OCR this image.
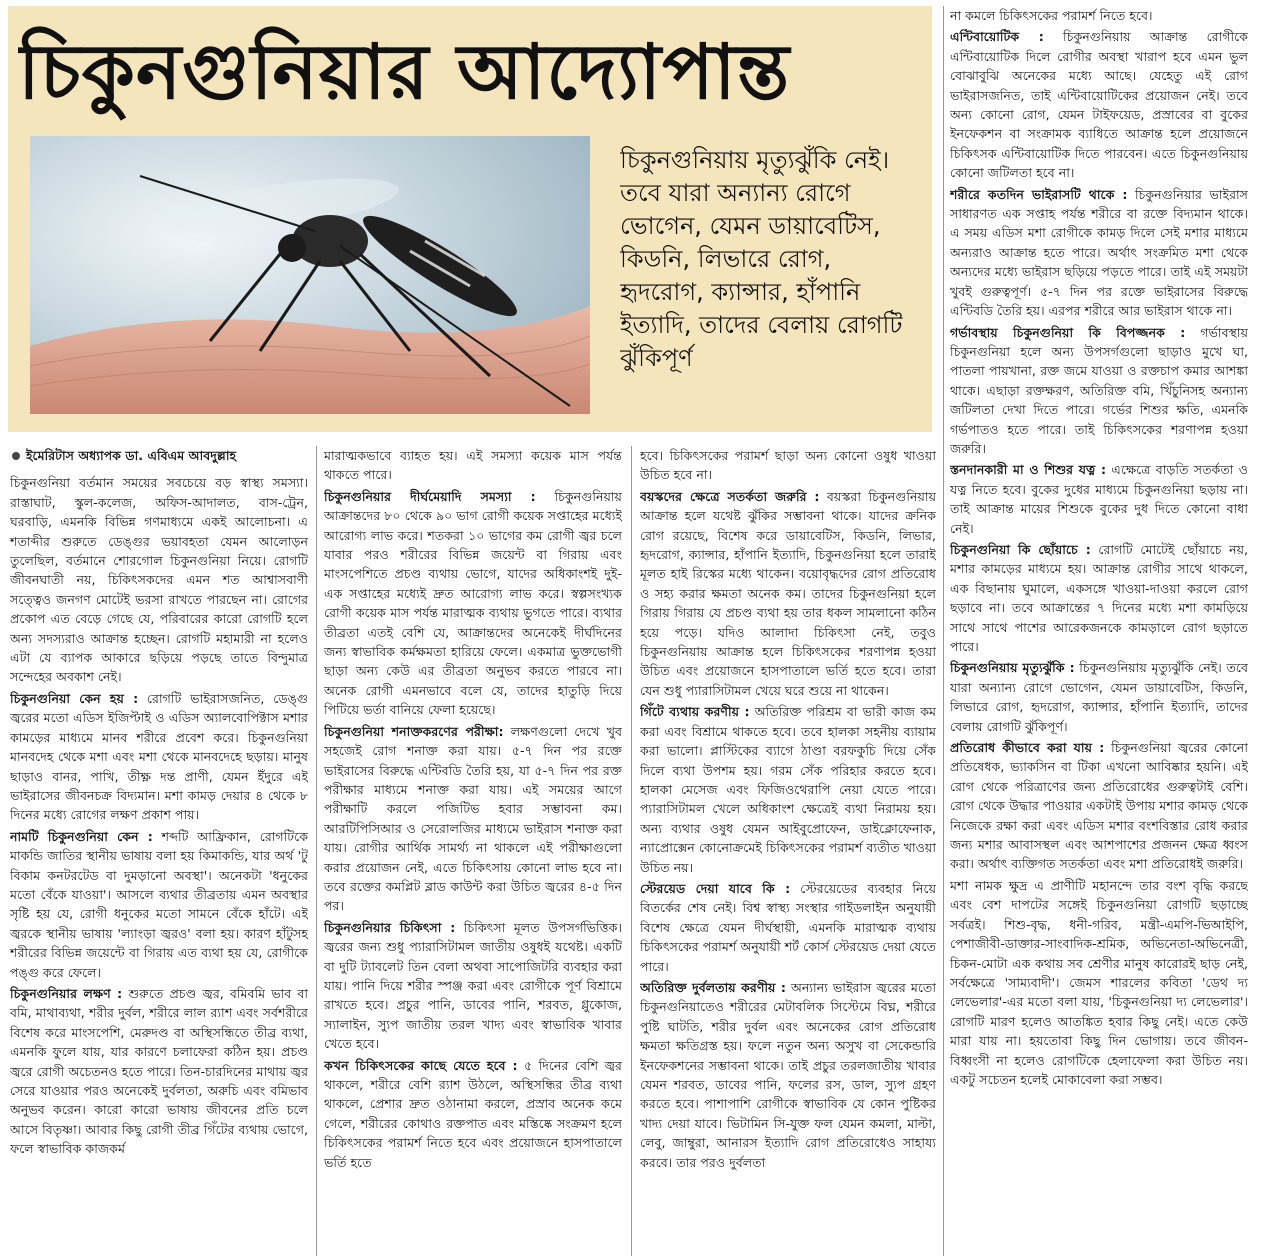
চিকুনগুনিয়ার আদ্যোপান্ত
চিকুনগুনিয়ায় মৃত্যুঝুঁকি নেই। তবে যারা অন্যান্য রোগে ভোগেন, যেমন ডায়াবেটিস, কিডনি, লিভারে রোগ, হৃদরোগ, ক্যান্সার, হাঁপানি ইত্যাদি, তাদের বেলায় রোগটি ঝুঁকিপূর্ণ

ইমেরিটাস অধ্যাপক ডা. এবিএম আবদুল্লাহ

চিকুনগুনিয়া বর্তমান সময়ের সবচেয়ে বড় স্বাস্থ্য সমস্যা। রাস্তাঘাট, স্কুল-কলেজ, অফিস-আদালত, বাস-ট্রেন, ঘরবাড়ি, এমনকি বিভিন্ন গণমাধ্যমে একই আলোচনা। এ শতাব্দীর শুরুতে ডেঙ্গুর ভয়াবহতা যেমন আলোড়ন তুলেছিল, বর্তমানে শোরগোল চিকুনগুনিয়া নিয়ে। রোগটি জীবনঘাতী নয়, চিকিৎসকদের এমন শত আশ্বাসবাণী সত্ত্বেও জনগণ মোটেই ভরসা রাখতে পারছেন না। রোগের প্রকোপ এত বেড়ে গেছে যে, পরিবারের কারো রোগটি হলে অন্য সদস্যরাও আক্রান্ত হচ্ছেন। রোগটি মহামারী না হলেও এটা যে ব্যাপক আকারে ছড়িয়ে পড়ছে তাতে বিন্দুমাত্র সন্দেহের অবকাশ নেই।

চিকুনগুনিয়া কেন হয় : রোগটি ভাইরাসজনিত, ডেঙ্গু জ্বরের মতো এডিস ইজিপ্টাই ও এডিস অ্যালবোপিক্টাস মশার কামড়ের মাধ্যমে মানব শরীরে প্রবেশ করে। চিকুনগুনিয়া মানবদেহ থেকে মশা এবং মশা থেকে মানবদেহে ছড়ায়। মানুষ ছাড়াও বানর, পাখি, তীক্ষ্ণ দন্ত প্রাণী, যেমন ইঁদুরে এই ভাইরাসের জীবনচক্র বিদ্যমান। মশা কামড় দেয়ার ৪ থেকে ৮ দিনের মধ্যে রোগের লক্ষণ প্রকাশ পায়।

নামটি চিকুনগুনিয়া কেন : শব্দটি আফ্রিকান, রোগটিকে মাকন্ডি জাতির স্থানীয় ভাষায় বলা হয় কিমাকন্ডি, যার অর্থ 'টু বিকাম কনটরটেড বা দুমড়ানো অবস্থা'। অনেকটা 'ধনুকের মতো বেঁকে যাওয়া'। আসলে ব্যথার তীব্রতায় এমন অবস্থার সৃষ্টি হয় যে, রোগী ধনুকের মতো সামনে বেঁকে হাঁটে। এই জ্বরকে স্থানীয় ভাষায় 'ল্যাংড়া জ্বরও' বলা হয়। কারণ হাঁটুসহ শরীরের বিভিন্ন জয়েন্টে বা গিরায় এত ব্যথা হয় যে, রোগীকে পঙ্গু করে ফেলে।

চিকুনগুনিয়ার লক্ষণ : শুরুতে প্রচণ্ড জ্বর, বমিবমি ভাব বা বমি, মাথাব্যথা, শরীর দুর্বল, শরীরে লাল র‌্যাশ এবং সর্বশরীরে বিশেষ করে মাংসপেশি, মেরুদণ্ড বা অস্থিসন্ধিতে তীব্র ব্যথা, এমনকি ফুলে যায়, যার কারণে চলাফেরা কঠিন হয়। প্রচণ্ড জ্বরে রোগী অচেতনও হতে পারে। তিন-চারদিনের মাথায় জ্বর সেরে যাওয়ার পরও অনেকেই দুর্বলতা, অরুচি এবং বমিভাব অনুভব করেন। কারো কারো ভাষায় জীবনের প্রতি চলে আসে বিতৃষ্ণা। আবার কিছু রোগী তীব্র গিঁটের ব্যথায় ভোগে, ফলে স্বাভাবিক কাজকর্ম

মারাত্মকভাবে ব্যাহত হয়। এই সমস্যা কয়েক মাস পর্যন্ত থাকতে পারে।

চিকুনগুনিয়ার দীর্ঘমেয়াদি সমস্যা : চিকুনগুনিয়ায় আক্রান্তদের ৮০ থেকে ৯০ ভাগ রোগী কয়েক সপ্তাহের মধ্যেই আরোগ্য লাভ করে। শতকরা ১০ ভাগের কম রোগী জ্বর চলে যাবার পরও শরীরের বিভিন্ন জয়েন্ট বা গিরায় এবং মাংসপেশিতে প্রচণ্ড ব্যথায় ভোগে, যাদের অধিকাংশই দুই-এক সপ্তাহের মধ্যেই দ্রুত আরোগ্য লাভ করে। স্বল্পসংখ্যক রোগী কয়েক মাস পর্যন্ত মারাত্মক ব্যথায় ভুগতে পারে। ব্যথার তীব্রতা এতই বেশি যে, আক্রান্তদের অনেকেই দীর্ঘদিনের জন্য স্বাভাবিক কর্মক্ষমতা হারিয়ে ফেলে। একমাত্র ভুক্তভোগী ছাড়া অন্য কেউ এর তীব্রতা অনুভব করতে পারবে না। অনেক রোগী এমনভাবে বলে যে, তাদের হাতুড়ি দিয়ে পিটিয়ে ভর্তা বানিয়ে ফেলা হয়েছে।

চিকুনগুনিয়া শনাক্তকরণের পরীক্ষা: লক্ষণগুলো দেখে খুব সহজেই রোগ শনাক্ত করা যায়। ৫-৭ দিন পর রক্তে ভাইরাসের বিরুদ্ধে এন্টিবডি তৈরি হয়, যা ৫-৭ দিন পর রক্ত পরীক্ষার মাধ্যমে শনাক্ত করা যায়। এই সময়ের আগে পরীক্ষাটি করলে পজিটিভ হবার সম্ভাবনা কম। আরটিপিসিআর ও সেরোলজির মাধ্যমে ভাইরাস শনাক্ত করা যায়। রোগীর আর্থিক সামর্থ্য না থাকলে এই পরীক্ষাগুলো করার প্রয়োজন নেই, এতে চিকিৎসায় কোনো লাভ হবে না। তবে রক্তের কমপ্লিট ব্লাড কাউন্ট করা উচিত জ্বরের ৪-৫ দিন পর।

চিকুনগুনিয়ার চিকিৎসা : চিকিৎসা মূলত উপসর্গভিত্তিক। জ্বরের জন্য শুধু প্যারাসিটামল জাতীয় ওষুধই যথেষ্ট। একটি বা দুটি ট্যাবলেট তিন বেলা অথবা সাপোজিটরি ব্যবহার করা যায়। পানি দিয়ে শরীর স্পঞ্জ করা এবং রোগীকে পূর্ণ বিশ্রামে রাখতে হবে। প্রচুর পানি, ডাবের পানি, শরবত, গ্লুকোজ, স্যালাইন, স্যুপ জাতীয় তরল খাদ্য এবং স্বাভাবিক খাবার খেতে হবে।

কখন চিকিৎসকের কাছে যেতে হবে : ৫ দিনের বেশি জ্বর থাকলে, শরীরে বেশি র‌্যাশ উঠলে, অস্থিসন্ধির তীব্র ব্যথা থাকলে, প্রেশার দ্রুত ওঠানামা করলে, প্রস্রাব অনেক কমে গেলে, শরীরের কোথাও রক্তপাত এবং মস্তিষ্কে সংক্রমণ হলে চিকিৎসকের পরামর্শ নিতে হবে এবং প্রয়োজনে হাসপাতালে ভর্তি হতে

হবে। চিকিৎসকের পরামর্শ ছাড়া অন্য কোনো ওষুধ খাওয়া উচিত হবে না।

বয়স্কদের ক্ষেত্রে সতর্কতা জরুরি : বয়স্করা চিকুনগুনিয়ায় আক্রান্ত হলে যথেষ্ট ঝুঁকির সম্ভাবনা থাকে। যাদের ক্রনিক রোগ রয়েছে, বিশেষ করে ডায়াবেটিস, কিডনি, লিভার, হৃদরোগ, ক্যান্সার, হাঁপানি ইত্যাদি, চিকুনগুনিয়া হলে তারাই মূলত হাই রিস্কের মধ্যে থাকেন। বয়োবৃদ্ধদের রোগ প্রতিরোধ ও সহ্য করার ক্ষমতা অনেক কম। তাদের চিকুনগুনিয়া হলে গিরায় গিরায় যে প্রচণ্ড ব্যথা হয় তার ধকল সামলানো কঠিন হয়ে পড়ে। যদিও আলাদা চিকিৎসা নেই, তবুও চিকুনগুনিয়ায় আক্রান্ত হলে চিকিৎসকের শরণাপন্ন হওয়া উচিত এবং প্রয়োজনে হাসপাতালে ভর্তি হতে হবে। তারা যেন শুধু প্যারাসিটামল খেয়ে ঘরে শুয়ে না থাকেন।

গিঁটে ব্যথায় করণীয় : অতিরিক্ত পরিশ্রম বা ভারী কাজ কম করা এবং বিশ্রামে থাকতে হবে। তবে হালকা সহনীয় ব্যায়াম করা ভালো। প্লাস্টিকের ব্যাগে ঠাণ্ডা বরফকুচি দিয়ে সেঁক দিলে ব্যথা উপশম হয়। গরম সেঁক পরিহার করতে হবে। হালকা মেসেজ এবং ফিজিওথেরাপি নেয়া যেতে পারে। প্যারাসিটামল খেলে অধিকাংশ ক্ষেত্রেই ব্যথা নিরাময় হয়। অন্য ব্যথার ওষুধ যেমন আইবুপ্রোফেন, ডাইক্লোফেনাক, ন্যাপ্রোক্সেন কোনোক্রমেই চিকিৎসকের পরামর্শ ব্যতীত খাওয়া উচিত নয়।

স্টেরয়েড দেয়া যাবে কি : স্টেরয়েডের ব্যবহার নিয়ে বিতর্কের শেষ নেই। বিশ্ব স্বাস্থ্য সংস্থার গাইডলাইন অনুযায়ী বিশেষ ক্ষেত্রে যেমন দীর্ঘস্থায়ী, এমনকি মারাত্মক ব্যথায় চিকিৎসকের পরামর্শ অনুযায়ী শর্ট কোর্স স্টেরয়েড দেয়া যেতে পারে।

অতিরিক্ত দুর্বলতায় করণীয় : অন্যান্য ভাইরাস জ্বরের মতো চিকুনগুনিয়াতেও শরীরের মেটাবলিক সিস্টেমে বিঘ্ন, শরীরে পুষ্টি ঘাটতি, শরীর দুর্বল এবং অনেকের রোগ প্রতিরোধ ক্ষমতা ক্ষতিগ্রস্ত হয়। ফলে নতুন অন্য অসুখ বা সেকেন্ডারি ইনফেকশনের সম্ভাবনা থাকে। তাই প্রচুর তরলজাতীয় খাবার যেমন শরবত, ডাবের পানি, ফলের রস, ডাল, স্যুপ গ্রহণ করতে হবে। পাশাপাশি রোগীকে স্বাভাবিক যে কোন পুষ্টিকর খাদ্য দেয়া যাবে। ভিটামিন সি-যুক্ত ফল যেমন কমলা, মাল্টা, লেবু, জাম্বুরা, আনারস ইত্যাদি রোগ প্রতিরোধেও সাহায্য করবে। তার পরও দুর্বলতা

না কমলে চিকিৎসকের পরামর্শ নিতে হবে।

এন্টিবায়োটিক : চিকুনগুনিয়ায় আক্রান্ত রোগীকে এন্টিবায়োটিক দিলে রোগীর অবস্থা খারাপ হবে এমন ভুল বোঝাবুঝি অনেকের মধ্যে আছে। যেহেতু এই রোগ ভাইরাসজনিত, তাই এন্টিবায়োটিকের প্রয়োজন নেই। তবে অন্য কোনো রোগ, যেমন টাইফয়েড, প্রস্রাবের বা বুকের ইনফেকশন বা সংক্রামক ব্যাধিতে আক্রান্ত হলে প্রয়োজনে চিকিৎসক এন্টিবায়োটিক দিতে পারবেন। এতে চিকুনগুনিয়ায় কোনো জটিলতা হবে না।

শরীরে কতদিন ভাইরাসটি থাকে : চিকুনগুনিয়ার ভাইরাস সাধারণত এক সপ্তাহ পর্যন্ত শরীরে বা রক্তে বিদ্যমান থাকে। এ সময় এডিস মশা রোগীকে কামড় দিলে সেই মশার মাধ্যমে অন্যরাও আক্রান্ত হতে পারে। অর্থাৎ সংক্রমিত মশা থেকে অন্যদের মধ্যে ভাইরাস ছড়িয়ে পড়তে পারে। তাই এই সময়টা খুবই গুরুত্বপূর্ণ। ৫-৭ দিন পর রক্তে ভাইরাসের বিরুদ্ধে এন্টিবডি তৈরি হয়। এরপর শরীরে আর ভাইরাস থাকে না।

গর্ভাবস্থায় চিকুনগুনিয়া কি বিপজ্জনক : গর্ভাবস্থায় চিকুনগুনিয়া হলে অন্য উপসর্গগুলো ছাড়াও মুখে ঘা, পাতলা পায়খানা, রক্ত জমে যাওয়া ও রক্তচাপ কমার আশঙ্কা থাকে। এছাড়া রক্তক্ষরণ, অতিরিক্ত বমি, খিঁচুনিসহ অন্যান্য জটিলতা দেখা দিতে পারে। গর্ভের শিশুর ক্ষতি, এমনকি গর্ভপাতও হতে পারে। তাই চিকিৎসকের শরণাপন্ন হওয়া জরুরি।

স্তনদানকারী মা ও শিশুর যত্ন : এক্ষেত্রে বাড়তি সতর্কতা ও যত্ন নিতে হবে। বুকের দুধের মাধ্যমে চিকুনগুনিয়া ছড়ায় না। তাই আক্রান্ত মায়ের শিশুকে বুকের দুধ দিতে কোনো বাধা নেই।

চিকুনগুনিয়া কি ছোঁয়াচে : রোগটি মোটেই ছোঁয়াচে নয়, মশার কামড়ের মাধ্যমে হয়। আক্রান্ত রোগীর সাথে থাকলে, এক বিছানায় ঘুমালে, একসঙ্গে খাওয়া-দাওয়া করলে রোগ ছড়াবে না। তবে আক্রান্তের ৭ দিনের মধ্যে মশা কামড়িয়ে সাথে সাথে পাশের আরেকজনকে কামড়ালে রোগ ছড়াতে পারে।

চিকুনগুনিয়ায় মৃত্যুঝুঁকি : চিকুনগুনিয়ায় মৃত্যুঝুঁকি নেই। তবে যারা অন্যান্য রোগে ভোগেন, যেমন ডায়াবেটিস, কিডনি, লিভারে রোগ, হৃদরোগ, ক্যান্সার, হাঁপানি ইত্যাদি, তাদের বেলায় রোগটি ঝুঁকিপূর্ণ।

প্রতিরোধ কীভাবে করা যায় : চিকুনগুনিয়া জ্বরের কোনো প্রতিষেধক, ভ্যাকসিন বা টিকা এখনো আবিষ্কার হয়নি। এই রোগ থেকে পরিত্রাণের জন্য প্রতিরোধের গুরুত্বটাই বেশি। রোগ থেকে উদ্ধার পাওয়ার একটাই উপায় মশার কামড় থেকে নিজেকে রক্ষা করা এবং এডিস মশার বংশবিস্তার রোধ করার জন্য মশার আবাসস্থল এবং আশপাশের প্রজনন ক্ষেত্র ধ্বংস করা। অর্থাৎ ব্যক্তিগত সতর্কতা এবং মশা প্রতিরোধই জরুরি।

মশা নামক ক্ষুদ্র এ প্রাণীটি মহানন্দে তার বংশ বৃদ্ধি করছে এবং বেশ দাপটের সঙ্গেই চিকুনগুনিয়া রোগটি ছড়াচ্ছে সর্বত্রই। শিশু-বৃদ্ধ, ধনী-গরিব, মন্ত্রী-এমপি-ভিআইপি, পেশাজীবী-ডাক্তার-সাংবাদিক-শ্রমিক, অভিনেতা-অভিনেত্রী, চিকন-মোটা এক কথায় সব শ্রেণীর মানুষ কারোরই ছাড় নেই, সর্বক্ষেত্রে 'সাম্যবাদী'। জেমস শারলের কবিতা 'ডেথ দ্য লেভেলার'-এর মতো বলা যায়, 'চিকুনগুনিয়া দ্য লেভেলার'। রোগটি মারণ হলেও আতঙ্কিত হবার কিছু নেই। এতে কেউ মারা যায় না। হয়তোবা কিছু দিন ভোগায়। তবে জীবন-বিধ্বংসী না হলেও রোগটিকে হেলাফেলা করা উচিত নয়। একটু সচেতন হলেই মোকাবেলা করা সম্ভব।
